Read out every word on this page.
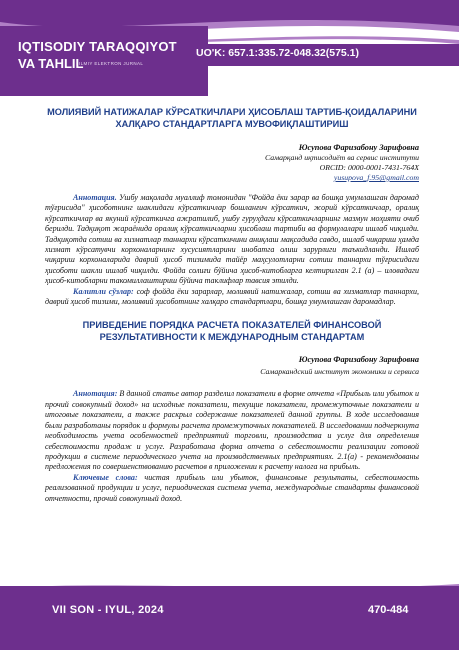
IQTISODIY TARAQQIYOT
VA TAHLIL
ILMIY ELEKTRON JURNAL
UO'K: 657.1:335.72-048.32(575.1)
МОЛИЯВИЙ НАТИЖАЛАР КЎРСАТКИЧЛАРИ ҲИСОБЛАШ ТАРТИБ-ҚОИДАЛАРИНИ ХАЛҚАРО СТАНДАРТЛАРГА МУВОФИҚЛАШТИРИШ
Юсупова Фаризабону Зарифовна
Самарқанд иқтисодиёт ва сервис институти
ORCID: 0000-0001-7431-764X
yusupova_f.95@gmail.com

Аннотация. Ушбу мақолада муаллиф томонидан "Фойда ёки зарар ва бошқа умумлашган даромад тўғрисида" ҳисоботнинг шаклидаги кўрсаткичлар бошланғич кўрсаткич, жорий кўрсаткичлар, оралиқ кўрсаткичлар ва якуний кўрсаткичга ажратилиб, ушбу гуруҳдаги кўрсаткичларнинг мазмун моҳияти очиб берилди. Тадқиқот жараёнида оралиқ кўрсаткичларни ҳисоблаш тартиби ва формулалари ишлаб чиқилди. Тадқиқотда сотиш ва хизматлар таннархи кўрсаткичини аниқлаш мақсадида савдо, ишлаб чиқариш ҳамда хизмат кўрсатувчи корхоналарнинг хусусиятларини инобатга олиш зарурлиги таъкидланди. Ишлаб чиқариш корхоналарида даврий ҳисоб тизимида тайёр маҳсулотларни сотиш таннархи тўғрисидаги ҳисоботи шакли ишлаб чиқилди. Фойда солиғи бўйича ҳисоб-китобларга келтирилган 2.1 (а) – иловадаги ҳисоб-китобларни такомиллаштириш бўйича таклифлар тавсия этилди.

Калитли сўзлар: соф фойда ёки зарарлар, молиявий натижалар, сотиш ва хизматлар таннархи, даврий ҳисоб тизими, молиявий ҳисоботнинг халқаро стандартлари, бошқа умумлашган даромадлар.

ПРИВЕДЕНИЕ ПОРЯДКА РАСЧЕТА ПОКАЗАТЕЛЕЙ ФИНАНСОВОЙ РЕЗУЛЬТАТИВНОСТИ К МЕЖДУНАРОДНЫМ СТАНДАРТАМ
Юсупова Фаризабону Зарифовна
Самаркандский институт экономики и сервиса

Аннотация: В данной статье автор разделил показатели в форме отчета «Прибыль или убыток и прочий совокупный доход» на исходные показатели, текущие показатели, промежуточные показатели и итоговые показатели, а также раскрыл содержание показателей данной группы. В ходе исследования были разработаны порядок и формулы расчета промежуточных показателей. В исследовании подчеркнута необходимость учета особенностей предприятий торговли, производства и услуг для определения себестоимости продаж и услуг. Разработана форма отчета о себестоимости реализации готовой продукции в системе периодического учета на производственных предприятиях. 2.1(а) - рекомендованы предложения по совершенствованию расчетов в приложении к расчету налога на прибыль.

Ключевые слова: чистая прибыль или убыток, финансовые результаты, себестоимость реализованной продукции и услуг, периодическая система учета, международные стандарты финансовой отчетности, прочий совокупный доход.

VII SON - IYUL, 2024	470-484
